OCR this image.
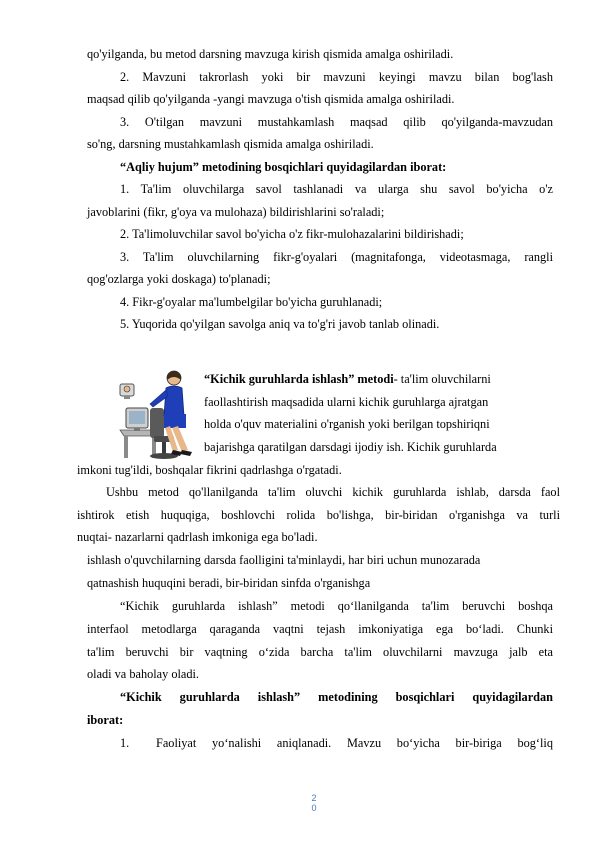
qo'yilganda, bu metod darsning mavzuga kirish qismida amalga oshiriladi.
2. Mavzuni takrorlash yoki bir mavzuni keyingi mavzu bilan bog'lash
maqsad qilib qo'yilganda -yangi mavzuga o'tish qismida amalga oshiriladi.
3. O'tilgan mavzuni mustahkamlash maqsad qilib qo'yilganda-mavzudan
so'ng, darsning mustahkamlash qismida amalga oshiriladi.
“Aqliy hujum” metodining bosqichlari quyidagilardan iborat:
1. Ta'lim oluvchilarga savol tashlanadi va ularga shu savol bo'yicha o'z
javoblarini (fikr, g'oya va mulohaza) bildirishlarini so'raladi;
2. Ta'limoluvchilar savol bo'yicha o'z fikr-mulohazalarini bildirishadi;
3. Ta'lim oluvchilarning fikr-g'oyalari (magnitafonga, videotasmaga, rangli
qog'ozlarga yoki doskaga) to'planadi;
4. Fikr-g'oyalar ma'lumbelgilar bo'yicha guruhlanadi;
5. Yuqorida qo'yilgan savolga aniq va to'g'ri javob tanlab olinadi.
“Kichik guruhlarda ishlash” metodi- ta'lim oluvchilarni
faollashtirish maqsadida ularni kichik guruhlarga ajratgan
holda o'quv materialini o'rganish yoki berilgan topshiriqni
bajarishga qaratilgan darsdagi ijodiy ish. Kichik guruhlarda
imkoni tug'ildi, boshqalar fikrini qadrlashga o'rgatadi.
Ushbu metod qo'llanilganda ta'lim oluvchi kichik guruhlarda ishlab, darsda faol
ishtirok etish huquqiga, boshlovchi rolida bo'lishga, bir-biridan o'rganishga va turli
nuqtai- nazarlarni qadrlash imkoniga ega bo'ladi.
ishlash o'quvchilarning darsda faolligini ta'minlaydi, har biri uchun munozarada
qatnashish huquqini beradi, bir-biridan sinfda o'rganishga
“Kichik guruhlarda ishlash” metodi qo‘llanilganda ta'lim beruvchi boshqa
interfaol metodlarga qaraganda vaqtni tejash imkoniyatiga ega bo‘ladi. Chunki
ta'lim beruvchi bir vaqtning o‘zida barcha ta'lim oluvchilarni mavzuga jalb eta
oladi va baholay oladi.
“Kichik guruhlarda ishlash” metodining bosqichlari quyidagilardan
iborat:
1. Faoliyat yo‘nalishi aniqlanadi. Mavzu bo‘yicha bir-biriga bog‘liq
2
0
